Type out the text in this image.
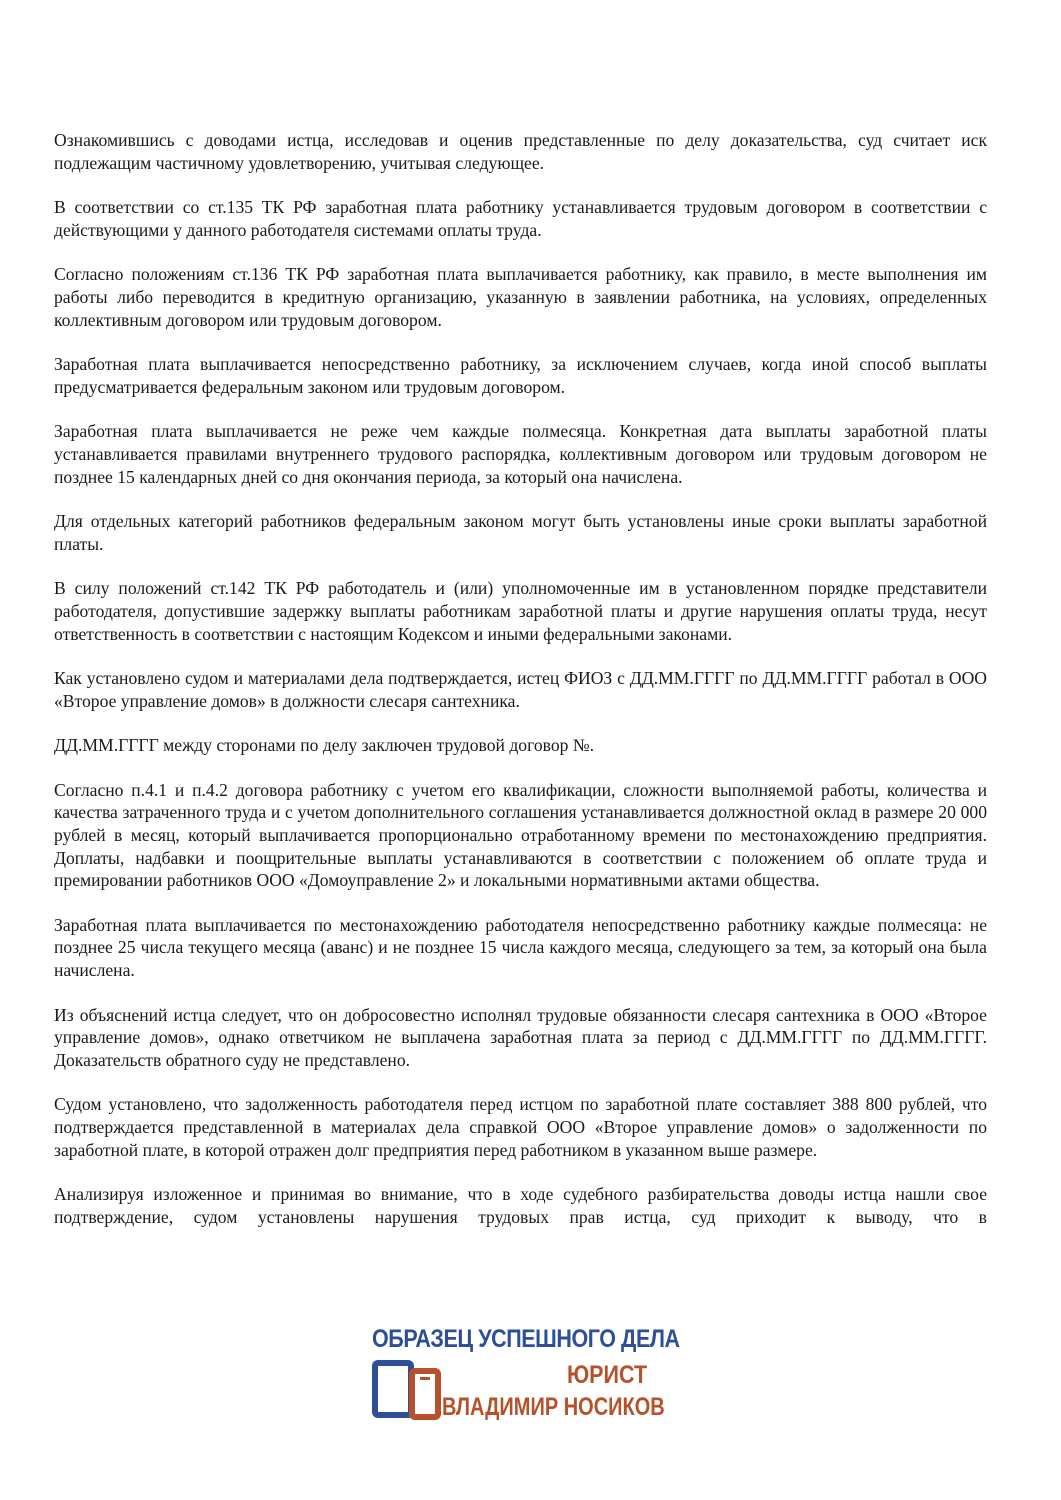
Ознакомившись с доводами истца, исследовав и оценив представленные по делу доказательства, суд считает иск подлежащим частичному удовлетворению, учитывая следующее.

В соответствии со ст.135 ТК РФ заработная плата работнику устанавливается трудовым договором в соответствии с действующими у данного работодателя системами оплаты труда.

Согласно положениям ст.136 ТК РФ заработная плата выплачивается работнику, как правило, в месте выполнения им работы либо переводится в кредитную организацию, указанную в заявлении работника, на условиях, определенных коллективным договором или трудовым договором.

Заработная плата выплачивается непосредственно работнику, за исключением случаев, когда иной способ выплаты предусматривается федеральным законом или трудовым договором.

Заработная плата выплачивается не реже чем каждые полмесяца. Конкретная дата выплаты заработной платы устанавливается правилами внутреннего трудового распорядка, коллективным договором или трудовым договором не позднее 15 календарных дней со дня окончания периода, за который она начислена.

Для отдельных категорий работников федеральным законом могут быть установлены иные сроки выплаты заработной платы.

В силу положений ст.142 ТК РФ работодатель и (или) уполномоченные им в установленном порядке представители работодателя, допустившие задержку выплаты работникам заработной платы и другие нарушения оплаты труда, несут ответственность в соответствии с настоящим Кодексом и иными федеральными законами.

Как установлено судом и материалами дела подтверждается, истец ФИОЗ с ДД.ММ.ГГГГ по ДД.ММ.ГГГГ работал в ООО «Второе управление домов» в должности слесаря сантехника.

ДД.ММ.ГГГГ между сторонами по делу заключен трудовой договор №.

Согласно п.4.1 и п.4.2 договора работнику с учетом его квалификации, сложности выполняемой работы, количества и качества затраченного труда и с учетом дополнительного соглашения устанавливается должностной оклад в размере 20 000 рублей в месяц, который выплачивается пропорционально отработанному времени по местонахождению предприятия. Доплаты, надбавки и поощрительные выплаты устанавливаются в соответствии с положением об оплате труда и премировании работников ООО «Домоуправление 2» и локальными нормативными актами общества.

Заработная плата выплачивается по местонахождению работодателя непосредственно работнику каждые полмесяца: не позднее 25 числа текущего месяца (аванс) и не позднее 15 числа каждого месяца, следующего за тем, за который она была начислена.

Из объяснений истца следует, что он добросовестно исполнял трудовые обязанности слесаря сантехника в ООО «Второе управление домов», однако ответчиком не выплачена заработная плата за период с ДД.ММ.ГГГГ по ДД.ММ.ГГГГ. Доказательств обратного суду не представлено.

Судом установлено, что задолженность работодателя перед истцом по заработной плате составляет 388 800 рублей, что подтверждается представленной в материалах дела справкой ООО «Второе управление домов» о задолженности по заработной плате, в которой отражен долг предприятия перед работником в указанном выше размере.

Анализируя изложенное и принимая во внимание, что в ходе судебного разбирательства доводы истца нашли свое подтверждение, судом установлены нарушения трудовых прав истца, суд приходит к выводу, что в

ОБРАЗЕЦ УСПЕШНОГО ДЕЛА
ЮРИСТ
ВЛАДИМИР НОСИКОВ
